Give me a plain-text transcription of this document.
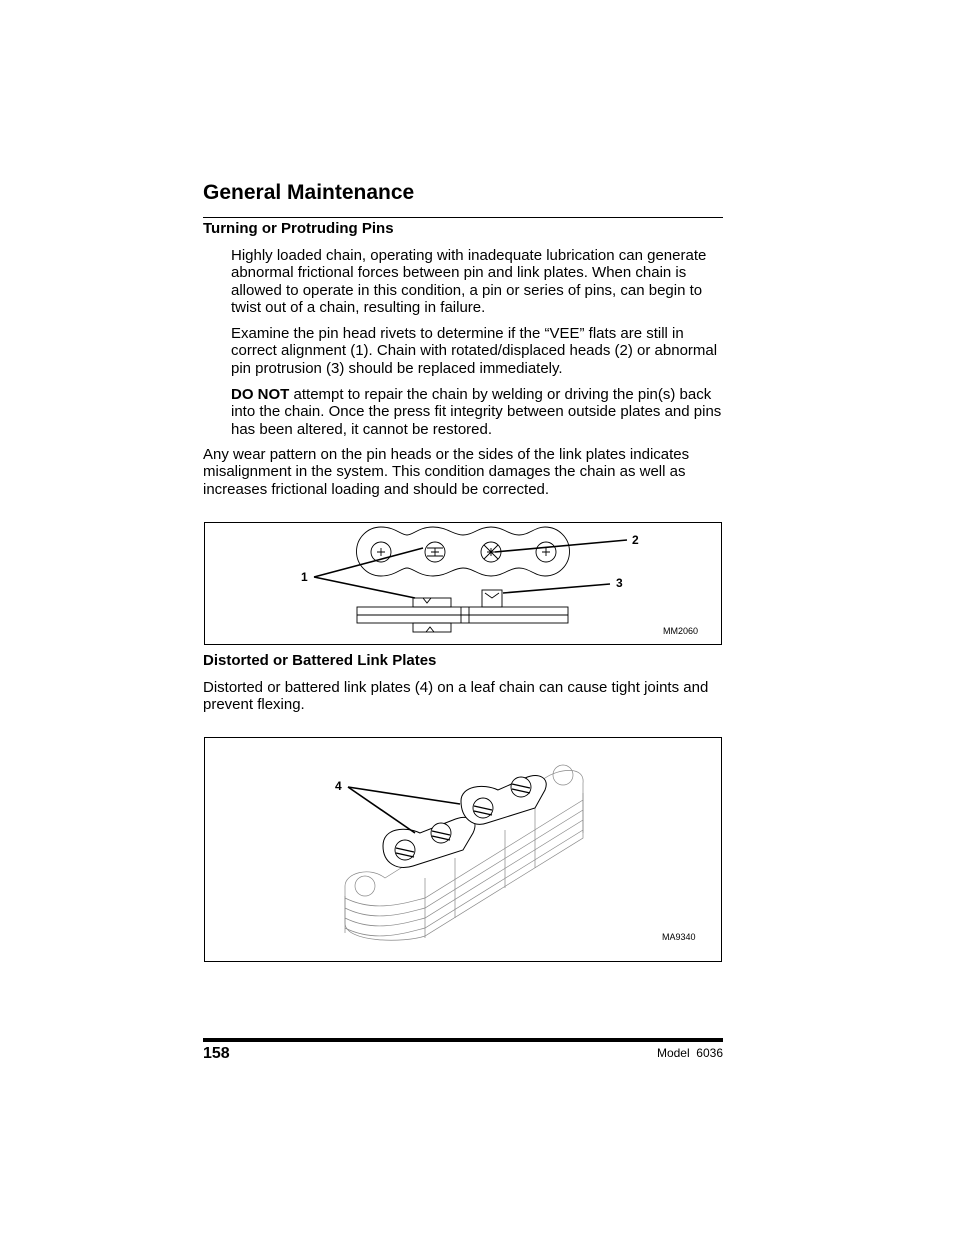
General Maintenance
Turning or Protruding Pins

Highly loaded chain, operating with inadequate lubrication can generate abnormal frictional forces between pin and link plates. When chain is allowed to operate in this condition, a pin or series of pins, can begin to twist out of a chain, resulting in failure.

Examine the pin head rivets to determine if the “VEE” flats are still in correct alignment (1). Chain with rotated/displaced heads (2) or abnormal pin protrusion (3) should be replaced immediately.

DO NOT attempt to repair the chain by welding or driving the pin(s) back into the chain. Once the press fit integrity between outside plates and pins has been altered, it cannot be restored.

Any wear pattern on the pin heads or the sides of the link plates indicates misalignment in the system. This condition damages the chain as well as increases frictional loading and should be corrected.

1
2
3
MM2060
Distorted or Battered Link Plates

Distorted or battered link plates (4) on a leaf chain can cause tight joints and prevent flexing.

4
MA9340
158	Model  6036
